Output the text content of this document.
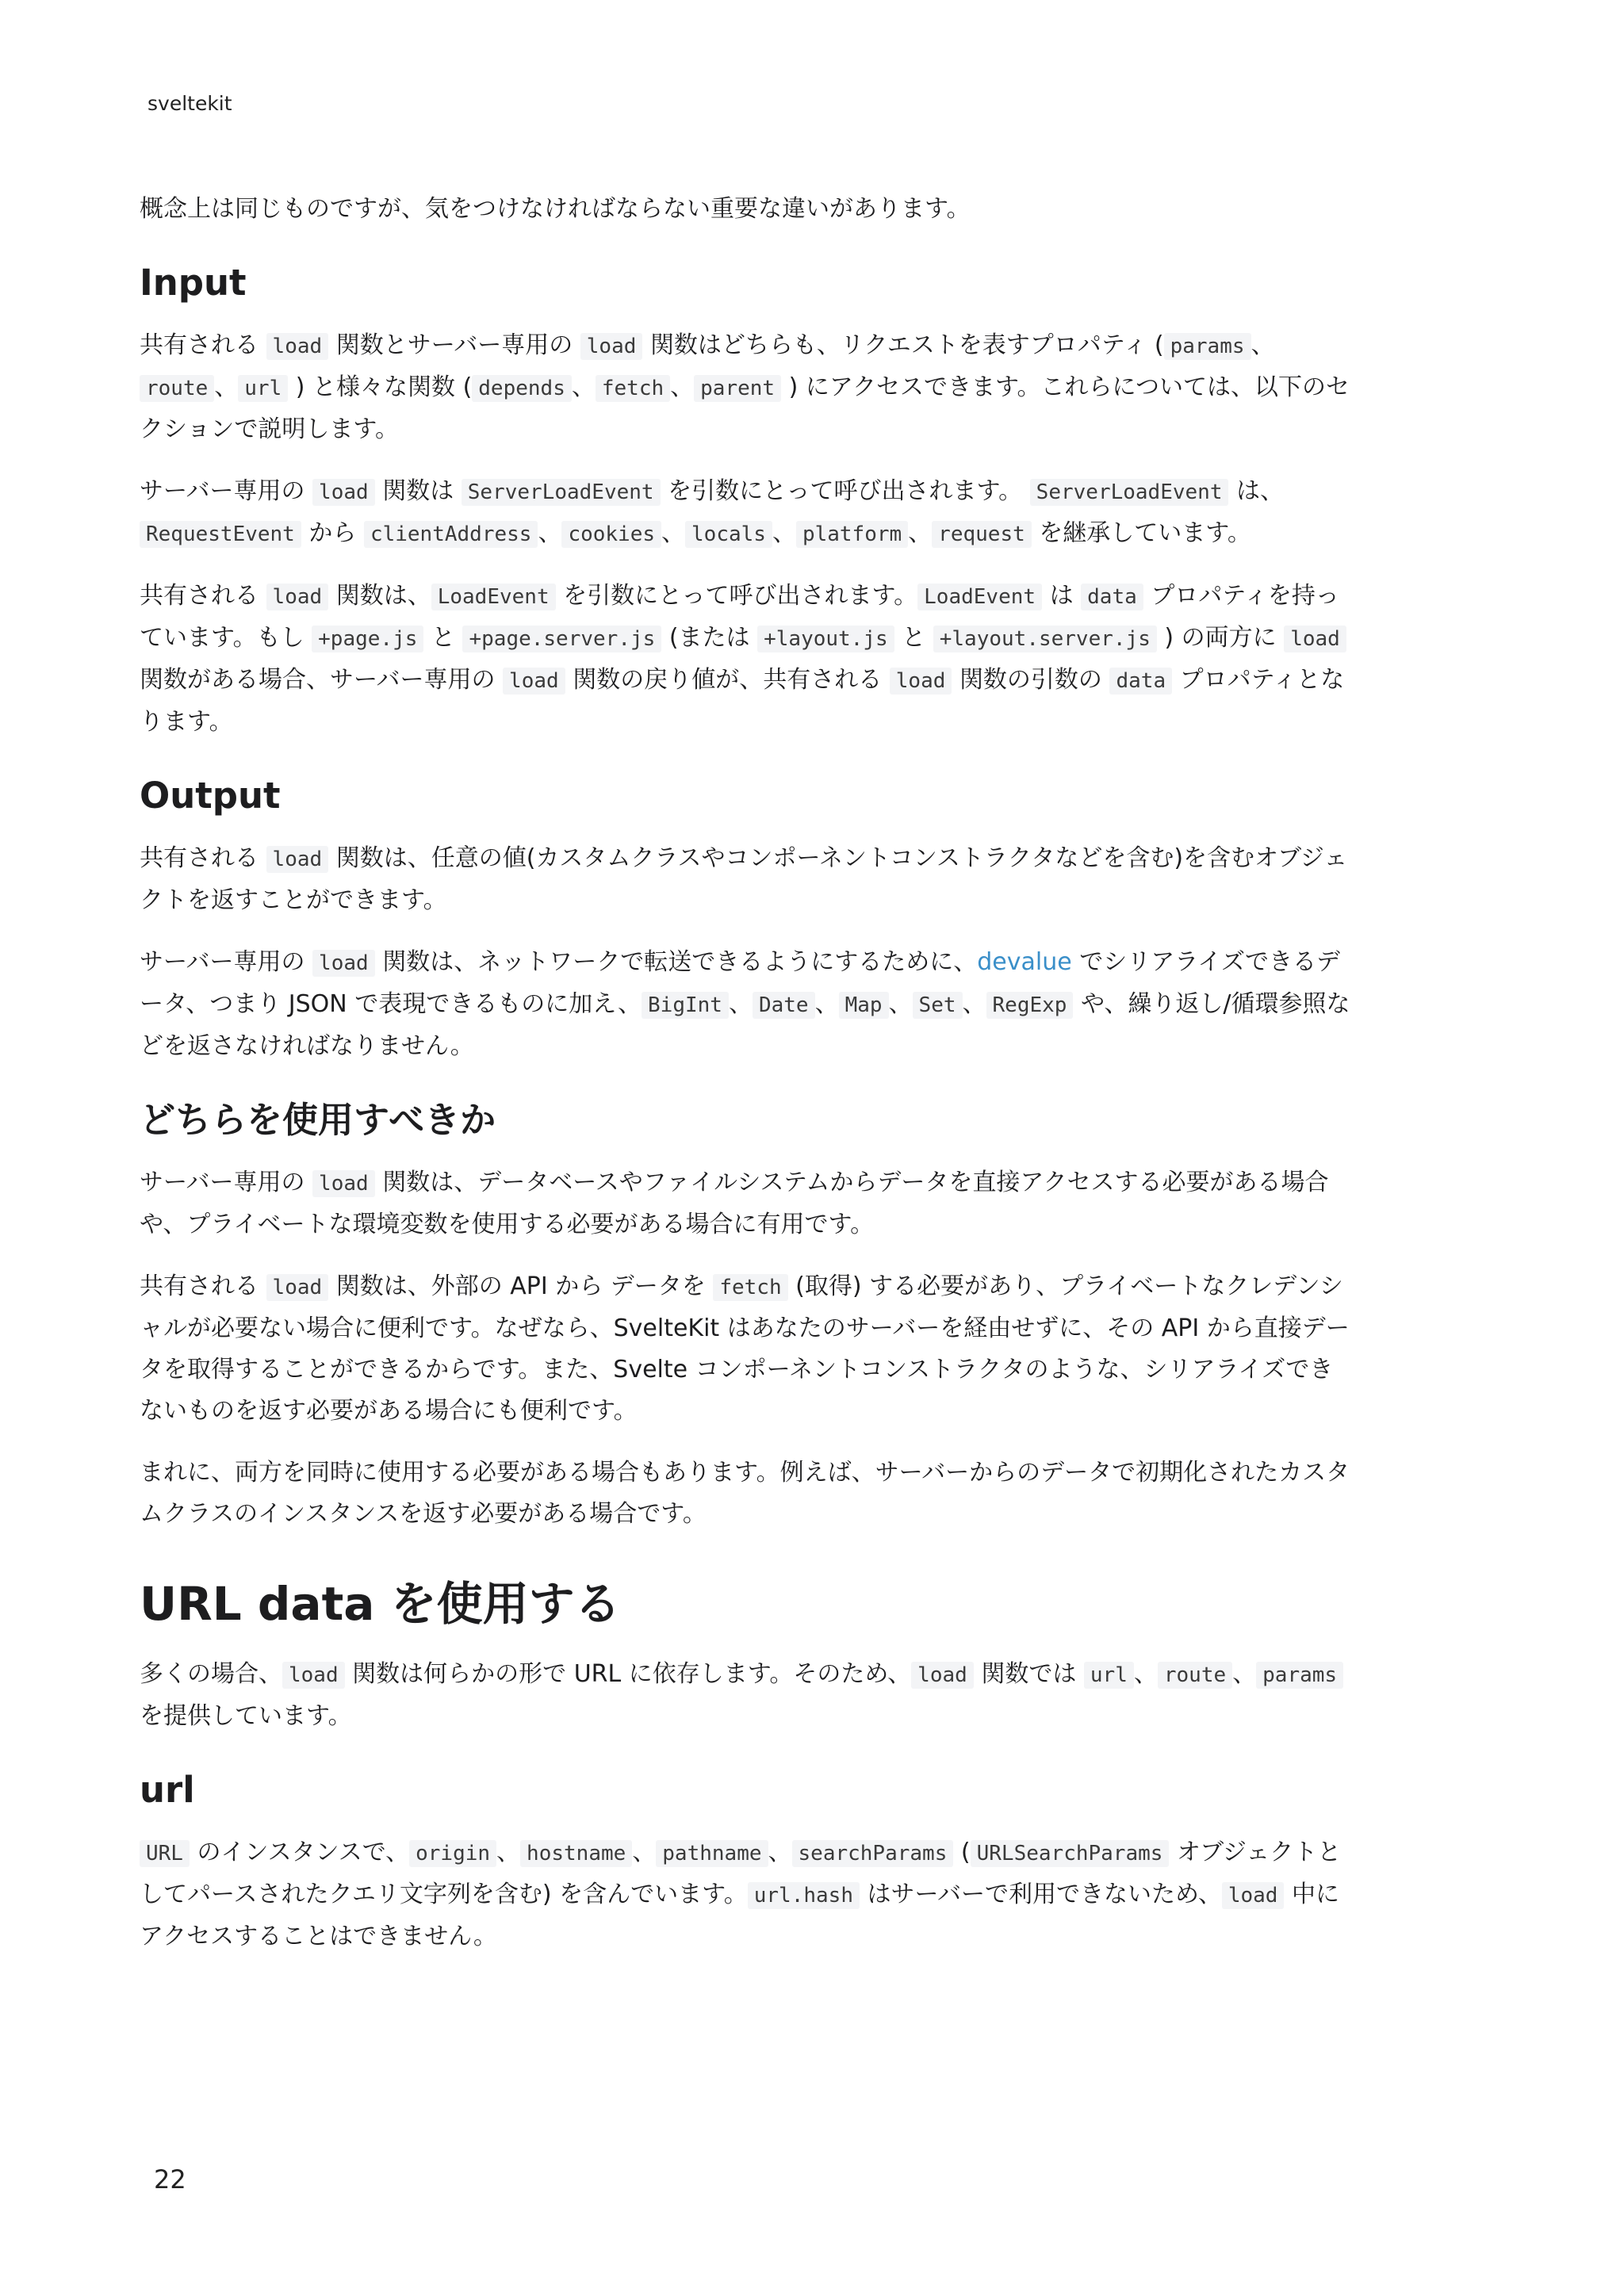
sveltekit

概念上は同じものですが、気をつけなければならない重要な違いがあります。

Input

共有される load 関数とサーバー専用の load 関数はどちらも、リクエストを表すプロパティ ( params 、route 、 url ) と様々な関数 ( depends 、 fetch 、 parent ) にアクセスできます。これらについては、以下のセクションで説明します。

サーバー専用の load 関数は ServerLoadEvent を引数にとって呼び出されます。 ServerLoadEvent は、RequestEvent から clientAddress 、 cookies 、 locals 、 platform 、 request を継承しています。

共有される load 関数は、 LoadEvent を引数にとって呼び出されます。 LoadEvent は data プロパティを持っています。もし +page.js と +page.server.js (または +layout.js と +layout.server.js ) の両方に load 関数がある場合、サーバー専用の load 関数の戻り値が、共有される load 関数の引数の data プロパティとなります。

Output

共有される load 関数は、任意の値(カスタムクラスやコンポーネントコンストラクタなどを含む)を含むオブジェクトを返すことができます。

サーバー専用の load 関数は、ネットワークで転送できるようにするために、devalue でシリアライズできるデータ、つまり JSON で表現できるものに加え、 BigInt 、 Date 、 Map 、 Set 、 RegExp や、繰り返し/循環参照などを返さなければなりません。

どちらを使用すべきか

サーバー専用の load 関数は、データベースやファイルシステムからデータを直接アクセスする必要がある場合や、プライベートな環境変数を使用する必要がある場合に有用です。

共有される load 関数は、外部の API から データを fetch (取得) する必要があり、プライベートなクレデンシャルが必要ない場合に便利です。なぜなら、SvelteKit はあなたのサーバーを経由せずに、その API から直接データを取得することができるからです。また、Svelte コンポーネントコンストラクタのような、シリアライズできないものを返す必要がある場合にも便利です。

まれに、両方を同時に使用する必要がある場合もあります。例えば、サーバーからのデータで初期化されたカスタムクラスのインスタンスを返す必要がある場合です。

URL data を使用する

多くの場合、 load 関数は何らかの形で URL に依存します。そのため、 load 関数では url 、 route 、 params を提供しています。

url

URL のインスタンスで、 origin 、 hostname 、 pathname 、 searchParams ( URLSearchParams オブジェクトとしてパースされたクエリ文字列を含む) を含んでいます。 url.hash はサーバーで利用できないため、 load 中にアクセスすることはできません。

22
